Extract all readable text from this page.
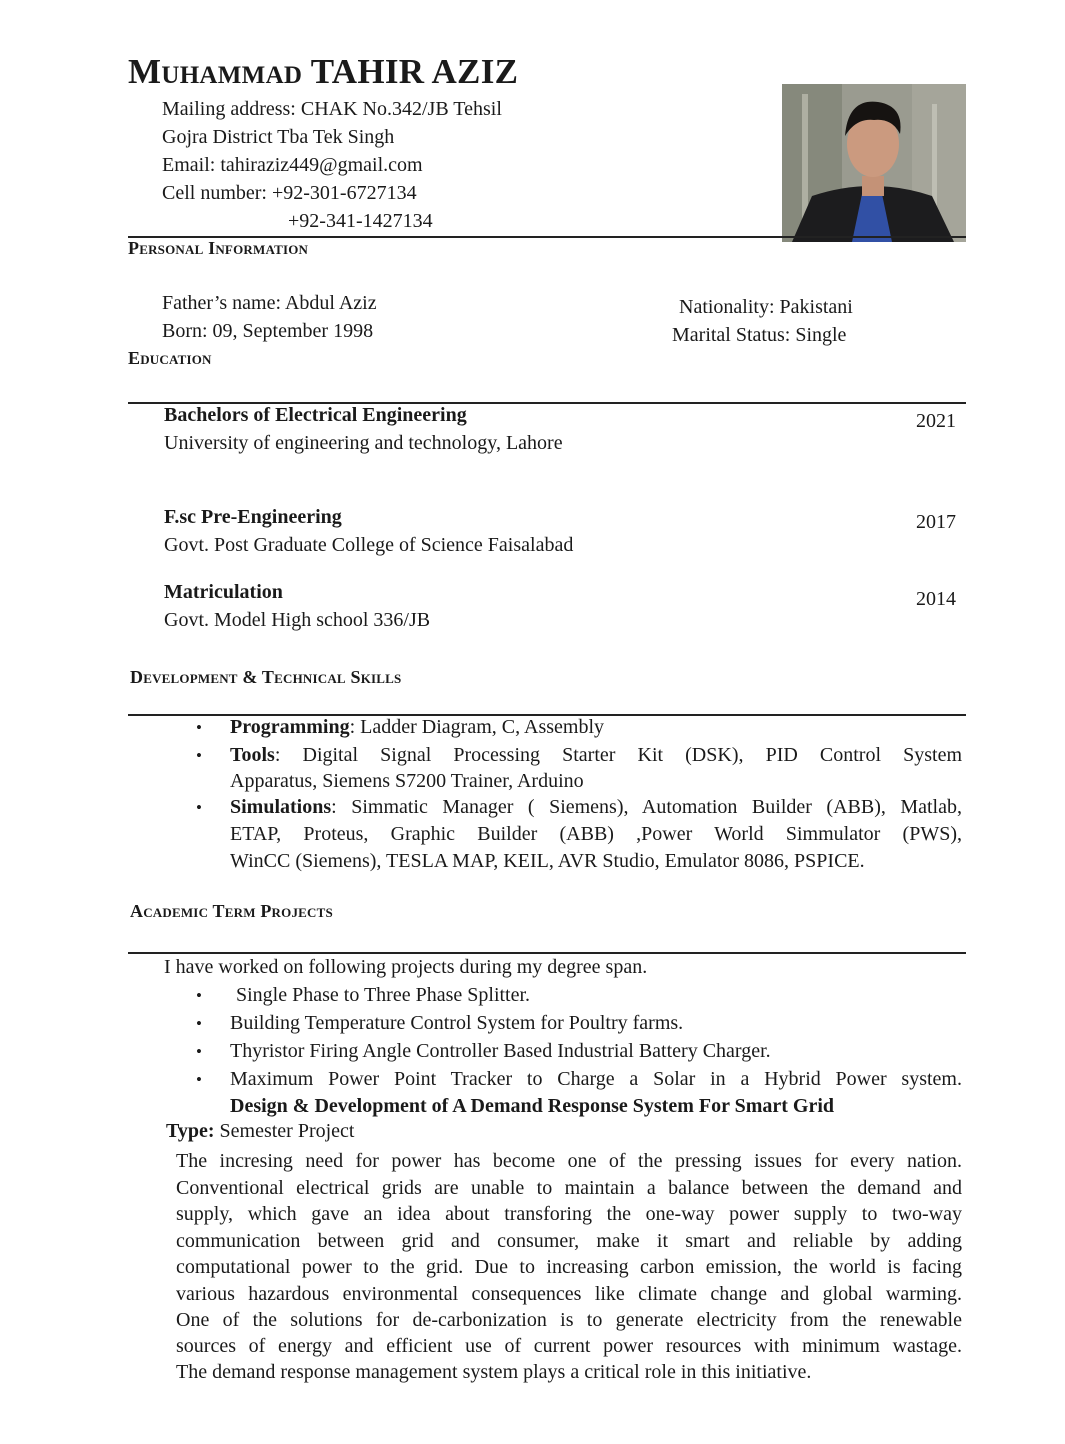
Muhammad TAHIR AZIZ
Mailing address: CHAK No.342/JB Tehsil
Gojra District Tba Tek Singh
Email: tahiraziz449@gmail.com
Cell number: +92-301-6727134
+92-341-1427134
Personal Information
Father’s name: Abdul Aziz
Born: 09, September 1998
Nationality: Pakistani
Marital Status: Single
Education
Bachelors of Electrical Engineering
University of engineering and technology, Lahore
2021
F.sc Pre-Engineering
Govt. Post Graduate College of Science Faisalabad
2017
Matriculation
Govt. Model High school 336/JB
2014
Development & Technical Skills
• Programming: Ladder Diagram, C, Assembly
• Tools: Digital Signal Processing Starter Kit (DSK), PID Control System
Apparatus, Siemens S7200 Trainer, Arduino
• Simulations: Simmatic Manager ( Siemens), Automation Builder (ABB), Matlab,
ETAP, Proteus, Graphic Builder (ABB) ,Power World Simmulator (PWS),
WinCC (Siemens), TESLA MAP, KEIL, AVR Studio, Emulator 8086, PSPICE.
Academic Term Projects
I have worked on following projects during my degree span.
• Single Phase to Three Phase Splitter.
• Building Temperature Control System for Poultry farms.
• Thyristor Firing Angle Controller Based Industrial Battery Charger.
• Maximum Power Point Tracker to Charge a Solar in a Hybrid Power system.
Design & Development of A Demand Response System For Smart Grid
Type: Semester Project
The incresing need for power has become one of the pressing issues for every nation.
Conventional electrical grids are unable to maintain a balance between the demand and
supply, which gave an idea about transforing the one-way power supply to two-way
communication between grid and consumer, make it smart and reliable by adding
computational power to the grid. Due to increasing carbon emission, the world is facing
various hazardous environmental consequences like climate change and global warming.
One of the solutions for de-carbonization is to generate electricity from the renewable
sources of energy and efficient use of current power resources with minimum wastage.
The demand response management system plays a critical role in this initiative.
